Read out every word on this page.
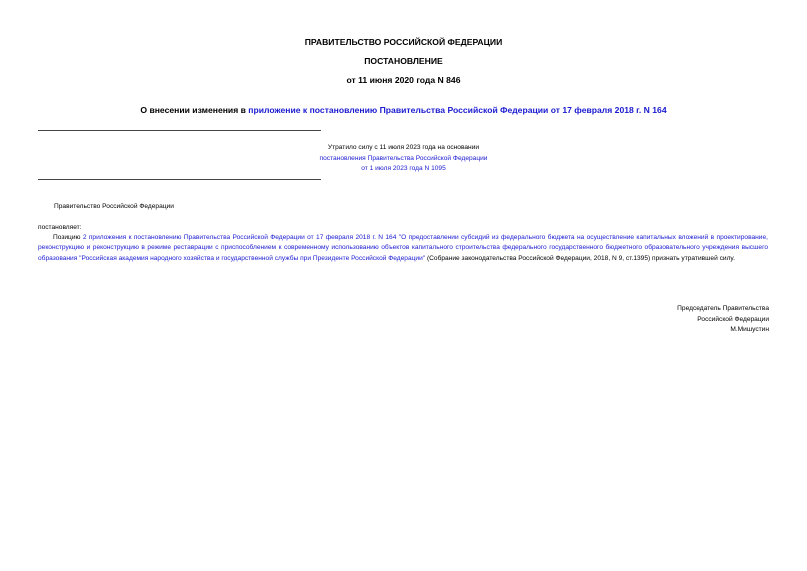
ПРАВИТЕЛЬСТВО РОССИЙСКОЙ ФЕДЕРАЦИИ
ПОСТАНОВЛЕНИЕ
от 11 июня 2020 года N 846
О внесении изменения в приложение к постановлению Правительства Российской Федерации от 17 февраля 2018 г. N 164
Утратило силу с 11 июля 2023 года на основании
постановления Правительства Российской Федерации
от 1 июля 2023 года N 1095
Правительство Российской Федерации
постановляет:
Позицию 2 приложения к постановлению Правительства Российской Федерации от 17 февраля 2018 г. N 164 "О предоставлении субсидий из федерального бюджета на осуществление капитальных вложений в проектирование, реконструкцию и реконструкцию в режиме реставрации с приспособлением к современному использованию объектов капитального строительства федерального государственного бюджетного образовательного учреждения высшего образования "Российская академия народного хозяйства и государственной службы при Президенте Российской Федерации" (Собрание законодательства Российской Федерации, 2018, N 9, ст.1395) признать утратившей силу.
Председатель Правительства
Российской Федерации
М.Мишустин
